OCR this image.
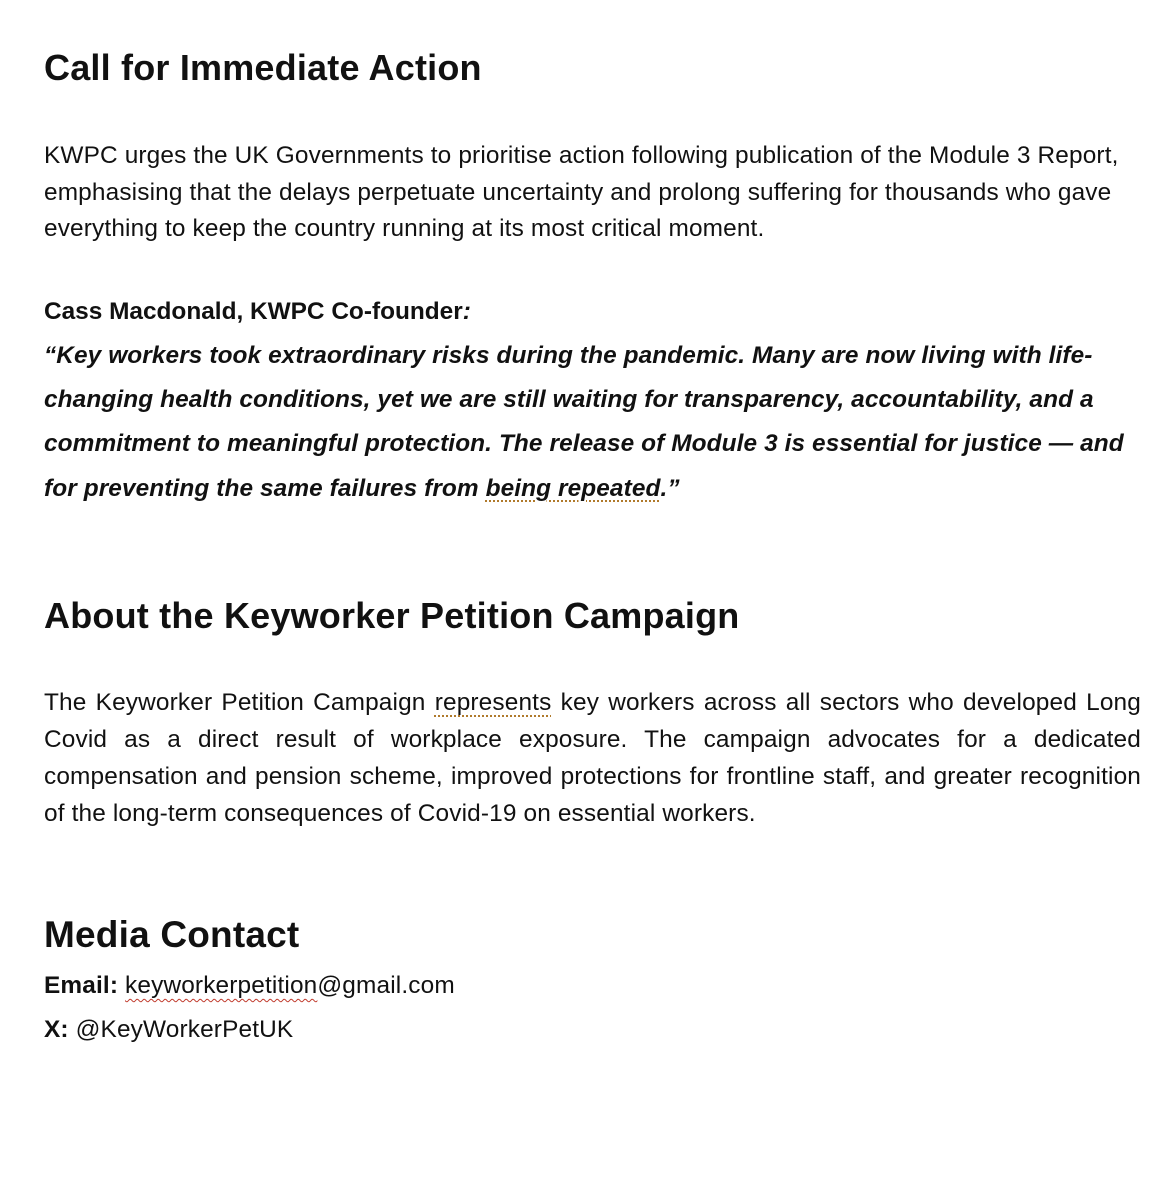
Call for Immediate Action

KWPC urges the UK Governments to prioritise action following publication of the Module 3 Report, emphasising that the delays perpetuate uncertainty and prolong suffering for thousands who gave everything to keep the country running at its most critical moment.

Cass Macdonald, KWPC Co-founder:

“Key workers took extraordinary risks during the pandemic. Many are now living with life-changing health conditions, yet we are still waiting for transparency, accountability, and a commitment to meaningful protection. The release of Module 3 is essential for justice — and for preventing the same failures from being repeated.”

About the Keyworker Petition Campaign

The Keyworker Petition Campaign represents key workers across all sectors who developed Long Covid as a direct result of workplace exposure. The campaign advocates for a dedicated compensation and pension scheme, improved protections for frontline staff, and greater recognition of the long-term consequences of Covid-19 on essential workers.

Media Contact

Email: keyworkerpetition@gmail.com

X: @KeyWorkerPetUK
